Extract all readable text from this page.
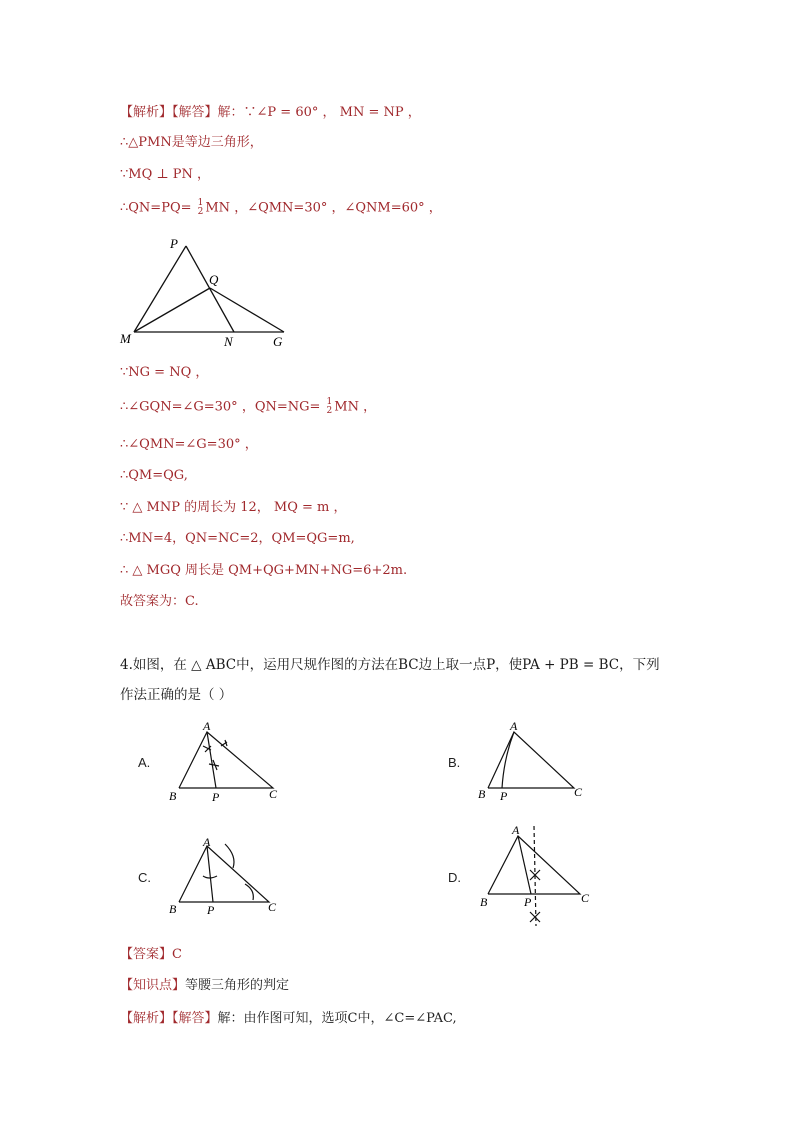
【解析】【解答】解：∵∠P = 60° ， MN = NP ，
∴△PMN是等边三角形，
∵MQ ⊥ PN ，
∴QN=PQ= 1
2 MN ，∠QMN=30° ，∠QNM=60° ，
P
Q
M	N	G
∵NG = NQ ，
∴∠GQN=∠G=30° ，QN=NG= 1
2 MN ，
∴∠QMN=∠G=30° ，
∴QM=QG,
∵ △ MNP 的周长为 12， MQ = m ，
∴MN=4，QN=NC=2，QM=QG=m,
∴ △ MGQ 周长是 QM+QG+MN+NG=6+2m.
故答案为：C.
4.如图，在 △ ABC中，运用尺规作图的方法在BC边上取一点P，使PA + PB = BC，下列
作法正确的是（ ）
A.
A
B	C
P
B.
A
B	C
P
C.
A
B	C
P
D.
A
B	C
P
【答案】C
【知识点】等腰三角形的判定
【解析】【解答】解：由作图可知，选项C中，∠C=∠PAC,
